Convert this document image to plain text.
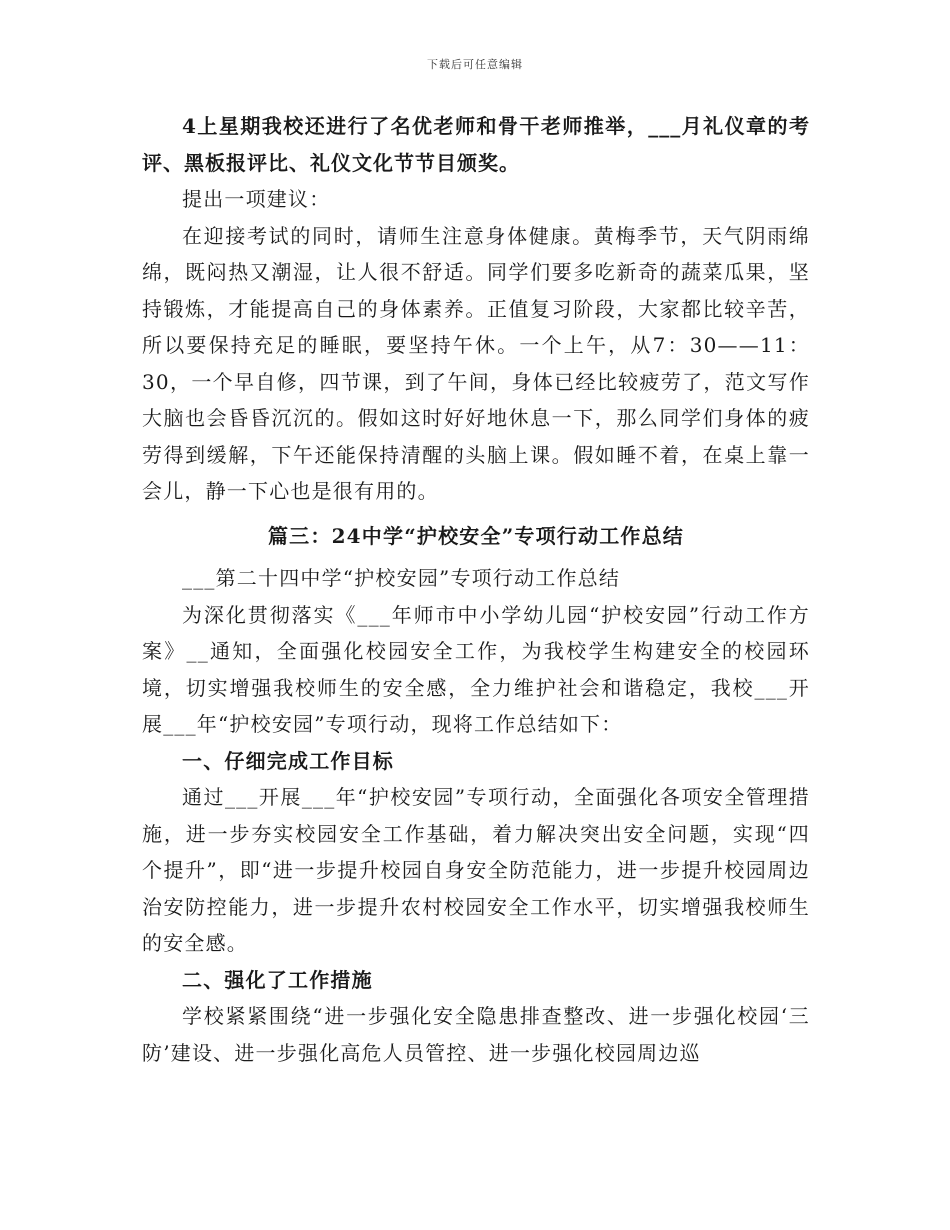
下载后可任意编辑

4上星期我校还进行了名优老师和骨干老师推举，___月礼仪章的考评、黑板报评比、礼仪文化节节目颁奖。

提出一项建议：

在迎接考试的同时，请师生注意身体健康。黄梅季节，天气阴雨绵绵，既闷热又潮湿，让人很不舒适。同学们要多吃新奇的蔬菜瓜果，坚持锻炼，才能提高自己的身体素养。正值复习阶段，大家都比较辛苦，所以要保持充足的睡眠，要坚持午休。一个上午，从7：30——11：30，一个早自修，四节课，到了午间，身体已经比较疲劳了，范文写作大脑也会昏昏沉沉的。假如这时好好地休息一下，那么同学们身体的疲劳得到缓解，下午还能保持清醒的头脑上课。假如睡不着，在桌上靠一会儿，静一下心也是很有用的。

篇三：24中学“护校安全”专项行动工作总结

___第二十四中学“护校安园”专项行动工作总结

为深化贯彻落实《___年师市中小学幼儿园“护校安园”行动工作方案》__通知，全面强化校园安全工作，为我校学生构建安全的校园环境，切实增强我校师生的安全感，全力维护社会和谐稳定，我校___开展___年“护校安园”专项行动，现将工作总结如下：

一、仔细完成工作目标

通过___开展___年“护校安园”专项行动，全面强化各项安全管理措施，进一步夯实校园安全工作基础，着力解决突出安全问题，实现“四个提升”，即“进一步提升校园自身安全防范能力，进一步提升校园周边治安防控能力，进一步提升农村校园安全工作水平，切实增强我校师生的安全感。

二、强化了工作措施

学校紧紧围绕“进一步强化安全隐患排查整改、进一步强化校园‘三防’建设、进一步强化高危人员管控、进一步强化校园周边巡
